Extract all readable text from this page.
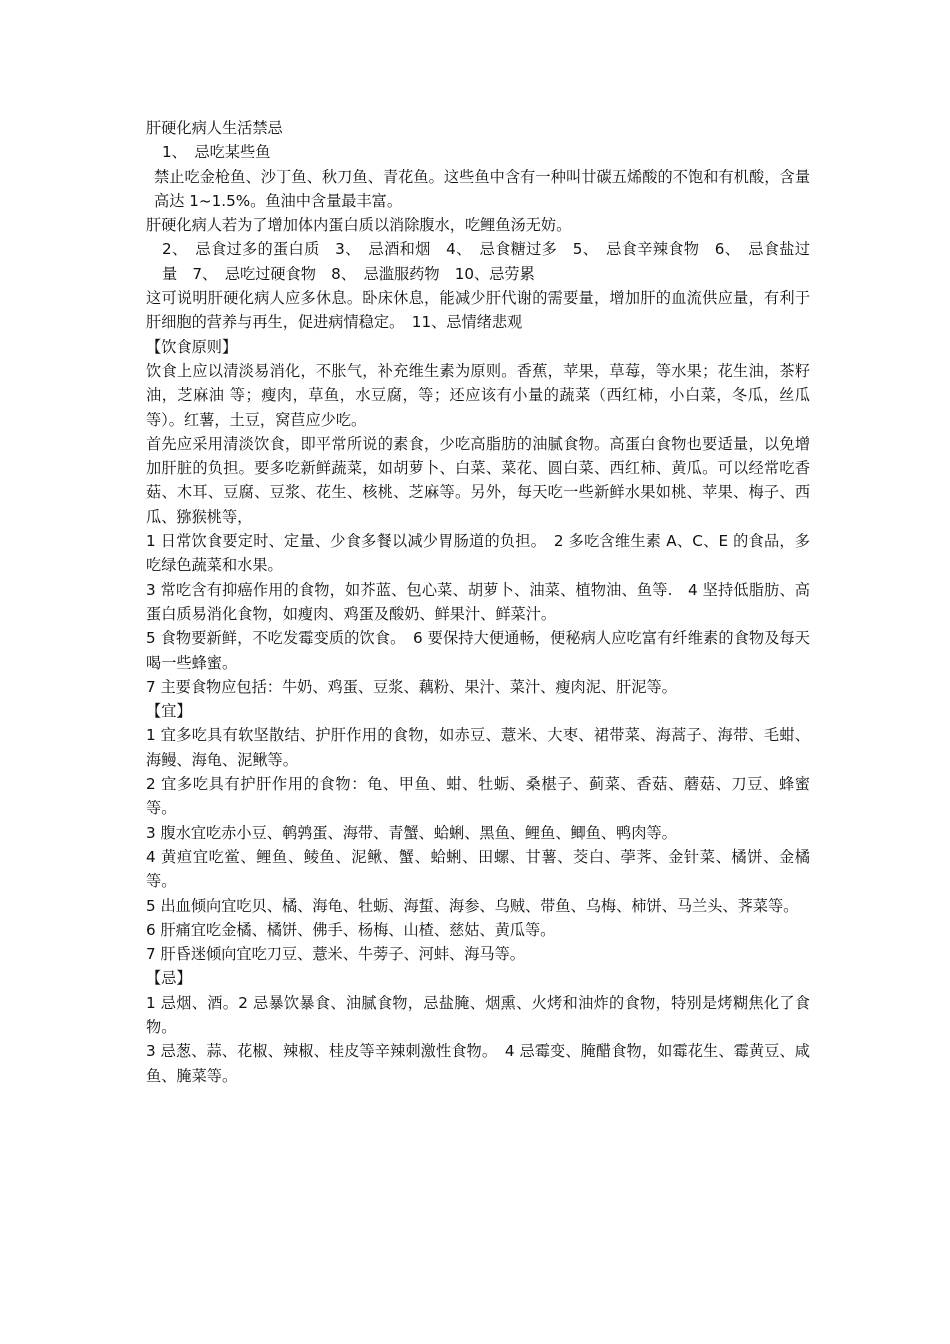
肝硬化病人生活禁忌

1、　忌吃某些鱼

禁止吃金枪鱼、沙丁鱼、秋刀鱼、青花鱼。这些鱼中含有一种叫廿碳五烯酸的不饱和有机酸，含量高达 1~1.5%。鱼油中含量最丰富。

肝硬化病人若为了增加体内蛋白质以消除腹水，吃鲤鱼汤无妨。

2、　忌食过多的蛋白质　3、　忌酒和烟　4、　忌食糖过多　5、　忌食辛辣食物　6、　忌食盐过量　7、　忌吃过硬食物　8、　忌滥服药物　10、忌劳累

这可说明肝硬化病人应多休息。卧床休息，能减少肝代谢的需要量，增加肝的血流供应量，有利于肝细胞的营养与再生，促进病情稳定。　11、忌情绪悲观

【饮食原则】

饮食上应以清淡易消化，不胀气，补充维生素为原则。香蕉，苹果，草莓，等水果；花生油，茶籽油，芝麻油 等；瘦肉，草鱼，水豆腐，等；还应该有小量的蔬菜（西红柿，小白菜，冬瓜，丝瓜等）。红薯，土豆，窝苣应少吃。

首先应采用清淡饮食，即平常所说的素食，少吃高脂肪的油腻食物。高蛋白食物也要适量，以免增加肝脏的负担。要多吃新鲜蔬菜，如胡萝卜、白菜、菜花、圆白菜、西红柿、黄瓜。可以经常吃香菇、木耳、豆腐、豆浆、花生、核桃、芝麻等。另外，每天吃一些新鲜水果如桃、苹果、梅子、西瓜、猕猴桃等，

1 日常饮食要定时、定量、少食多餐以减少胃肠道的负担。　2 多吃含维生素 A、C、E 的食品，多吃绿色蔬菜和水果。

3 常吃含有抑癌作用的食物，如芥蓝、包心菜、胡萝卜、油菜、植物油、鱼等.　4 坚持低脂肪、高蛋白质易消化食物，如瘦肉、鸡蛋及酸奶、鲜果汁、鲜菜汁。

5 食物要新鲜，不吃发霉变质的饮食。　6 要保持大便通畅，便秘病人应吃富有纤维素的食物及每天喝一些蜂蜜。

7 主要食物应包括：牛奶、鸡蛋、豆浆、藕粉、果汁、菜汁、瘦肉泥、肝泥等。

【宜】

1 宜多吃具有软坚散结、护肝作用的食物，如赤豆、薏米、大枣、裙带菜、海蒿子、海带、毛蚶、海鳗、海龟、泥鳅等。

2 宜多吃具有护肝作用的食物：龟、甲鱼、蚶、牡蛎、桑椹子、蓟菜、香菇、蘑菇、刀豆、蜂蜜等。

3 腹水宜吃赤小豆、鹌鹑蛋、海带、青蟹、蛤蜊、黑鱼、鲤鱼、鲫鱼、鸭肉等。

4 黄疸宜吃鲎、鲤鱼、鲮鱼、泥鳅、蟹、蛤蜊、田螺、甘薯、茭白、荸荠、金针菜、橘饼、金橘等。

5 出血倾向宜吃贝、橘、海龟、牡蛎、海蜇、海参、乌贼、带鱼、乌梅、柿饼、马兰头、荠菜等。

6 肝痛宜吃金橘、橘饼、佛手、杨梅、山楂、慈姑、黄瓜等。

7 肝昏迷倾向宜吃刀豆、薏米、牛蒡子、河蚌、海马等。

【忌】

1 忌烟、酒。2 忌暴饮暴食、油腻食物，忌盐腌、烟熏、火烤和油炸的食物，特别是烤糊焦化了食物。

3 忌葱、蒜、花椒、辣椒、桂皮等辛辣刺激性食物。　4 忌霉变、腌醋食物，如霉花生、霉黄豆、咸鱼、腌菜等。
